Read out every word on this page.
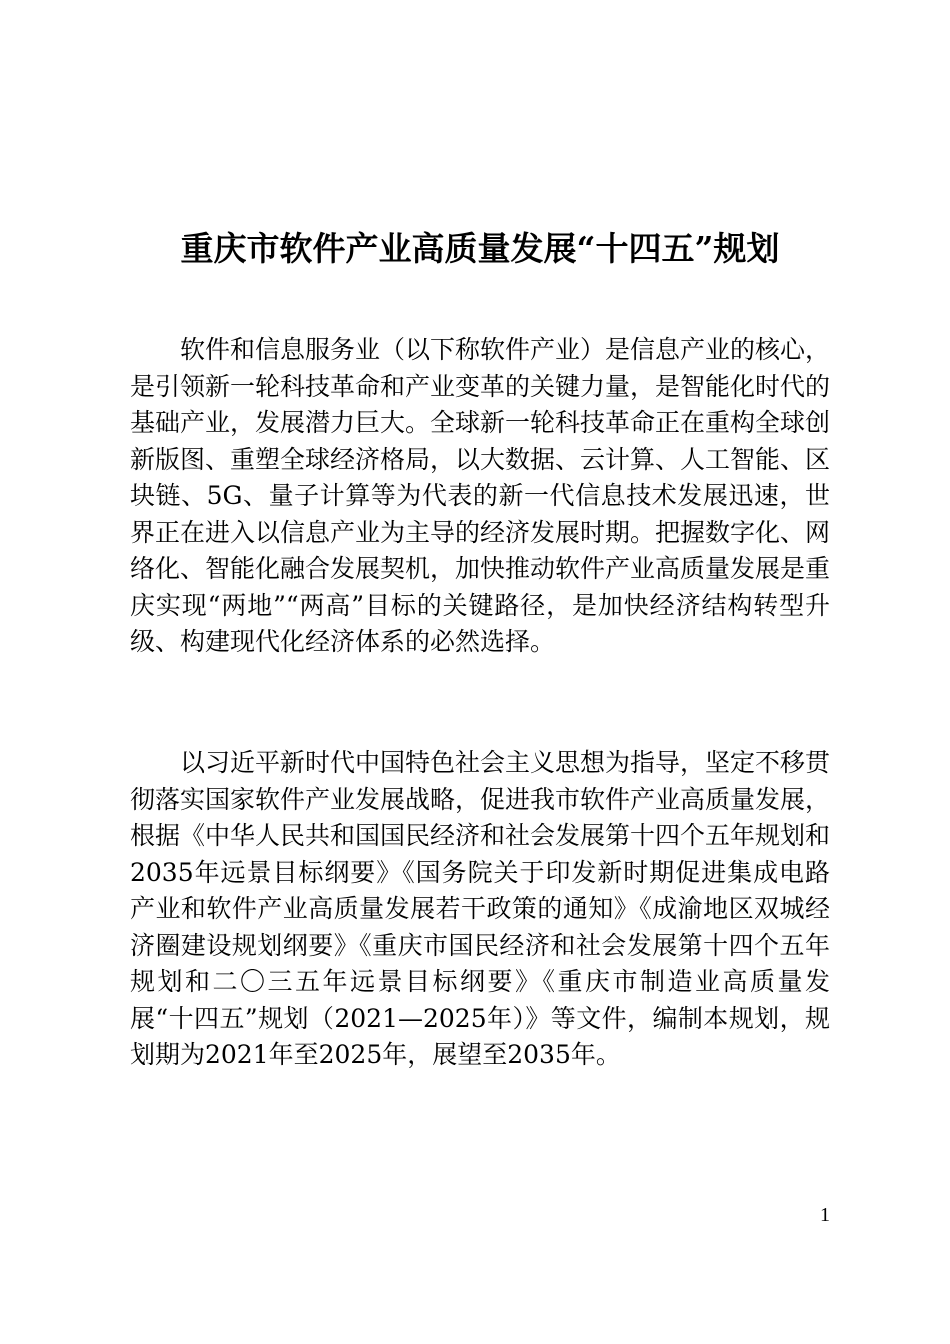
重庆市软件产业高质量发展“十四五”规划

软件和信息服务业（以下称软件产业）是信息产业的核心，是引领新一轮科技革命和产业变革的关键力量，是智能化时代的基础产业，发展潜力巨大。全球新一轮科技革命正在重构全球创新版图、重塑全球经济格局，以大数据、云计算、人工智能、区块链、5G、量子计算等为代表的新一代信息技术发展迅速，世界正在进入以信息产业为主导的经济发展时期。把握数字化、网络化、智能化融合发展契机，加快推动软件产业高质量发展是重庆实现“两地”“两高”目标的关键路径，是加快经济结构转型升级、构建现代化经济体系的必然选择。

以习近平新时代中国特色社会主义思想为指导，坚定不移贯彻落实国家软件产业发展战略，促进我市软件产业高质量发展，根据《中华人民共和国国民经济和社会发展第十四个五年规划和2035年远景目标纲要》《国务院关于印发新时期促进集成电路产业和软件产业高质量发展若干政策的通知》《成渝地区双城经济圈建设规划纲要》《重庆市国民经济和社会发展第十四个五年规划和二〇三五年远景目标纲要》《重庆市制造业高质量发展“十四五”规划（2021—2025年）》等文件，编制本规划，规划期为2021年至2025年，展望至2035年。

1
